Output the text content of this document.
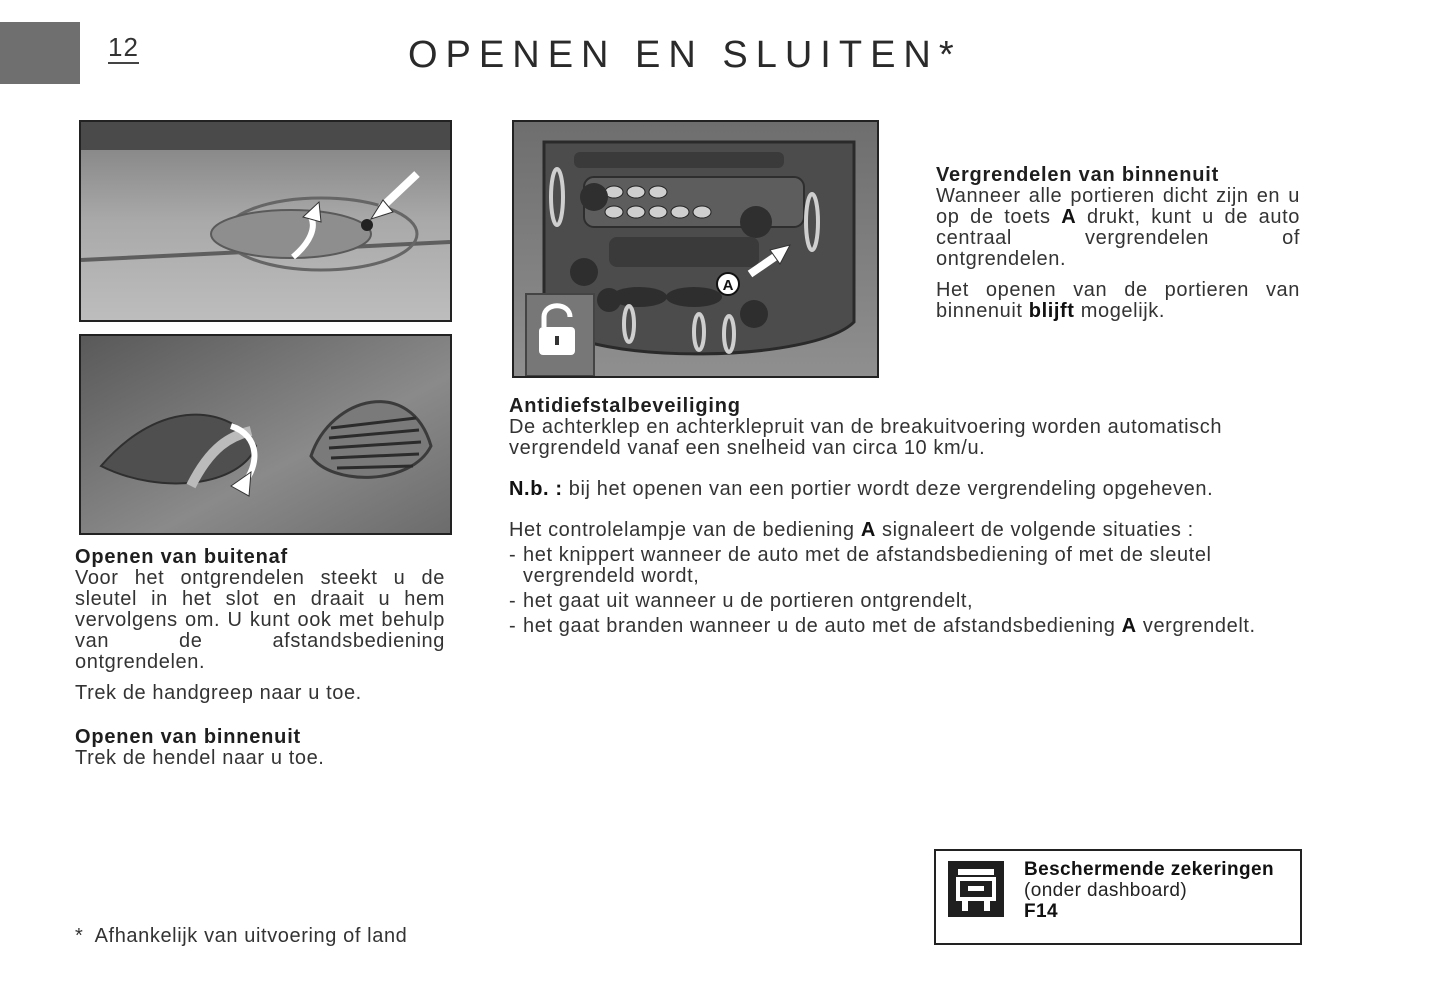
12	OPENEN EN SLUITEN*
A
Vergrendelen van binnenuit

Wanneer alle portieren dicht zijn en u op de toets A drukt, kunt u de auto centraal vergrendelen of ontgrendelen.

Het openen van de portieren van binnenuit blijft mogelijk.

Antidiefstalbeveiliging

De achterklep en achterklepruit van de breakuitvoering worden automatisch vergrendeld vanaf een snelheid van circa 10 km/u.

N.b. : bij het openen van een portier wordt deze vergrendeling opgeheven.

Het controlelampje van de bediening A signaleert de volgende situaties :

- het knippert wanneer de auto met de afstandsbediening of met de sleutel vergrendeld wordt,
- het gaat uit wanneer u de portieren ontgrendelt,
- het gaat branden wanneer u de auto met de afstandsbediening A vergrendelt.
Openen van buitenaf

Voor het ontgrendelen steekt u de sleutel in het slot en draait u hem vervolgens om. U kunt ook met behulp van de afstandsbediening ontgrendelen.

Trek de handgreep naar u toe.

Openen van binnenuit

Trek de hendel naar u toe.

*  Afhankelijk van uitvoering of land
Beschermende zekeringen
(onder dashboard)
F14
